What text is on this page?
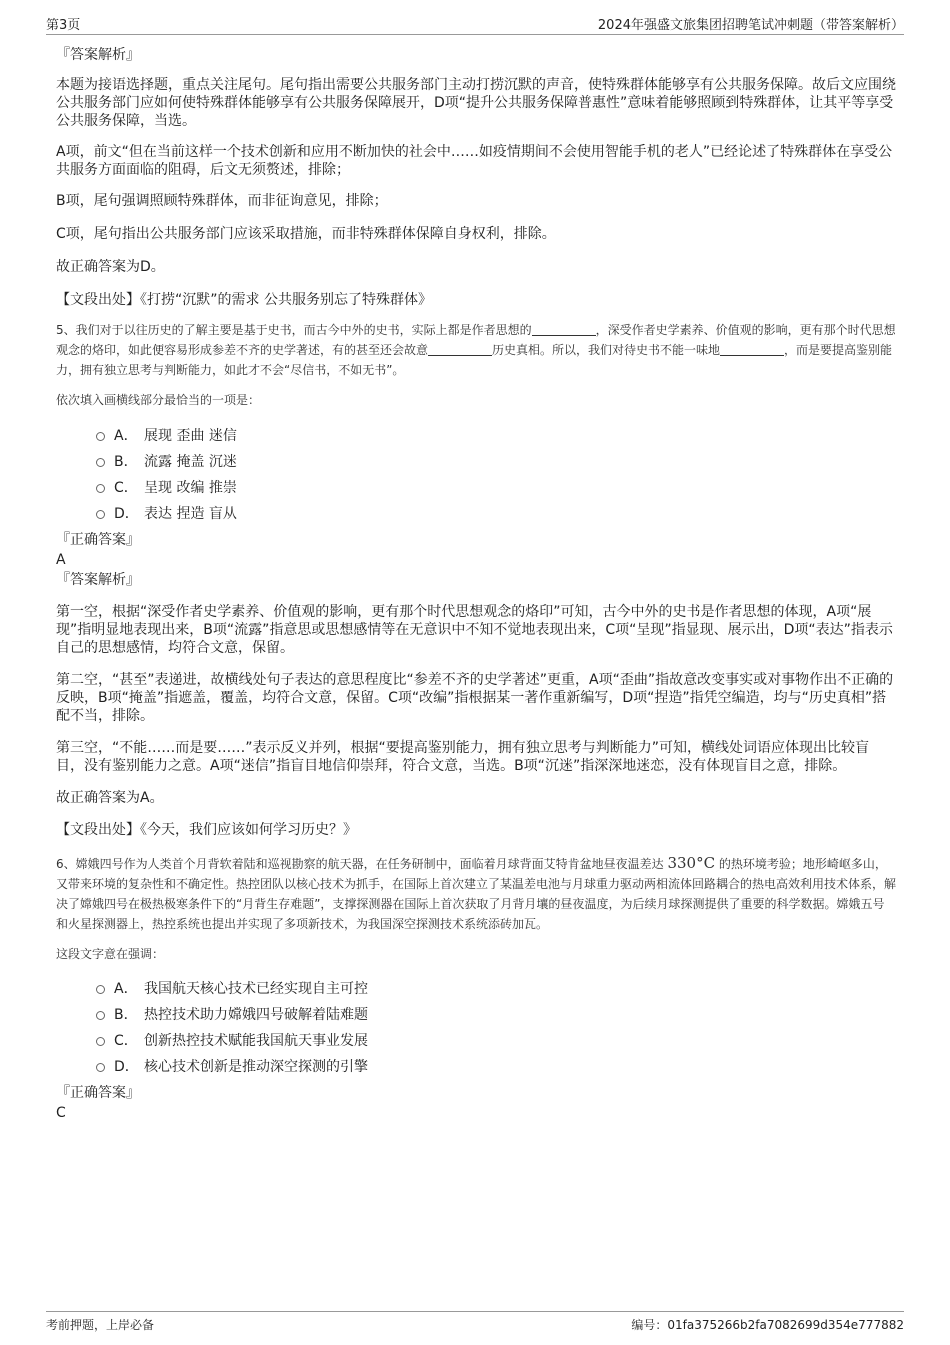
第3页	2024年强盛文旅集团招聘笔试冲刺题（带答案解析）
『答案解析』

本题为接语选择题，重点关注尾句。尾句指出需要公共服务部门主动打捞沉默的声音，使特殊群体能够享有公共服务保障。故后文应围绕公共服务部门应如何使特殊群体能够享有公共服务保障展开，D项“提升公共服务保障普惠性”意味着能够照顾到特殊群体，让其平等享受公共服务保障，当选。

A项，前文“但在当前这样一个技术创新和应用不断加快的社会中……如疫情期间不会使用智能手机的老人”已经论述了特殊群体在享受公共服务方面面临的阻碍，后文无须赘述，排除；

B项，尾句强调照顾特殊群体，而非征询意见，排除；

C项，尾句指出公共服务部门应该采取措施，而非特殊群体保障自身权利，排除。

故正确答案为D。

【文段出处】《打捞“沉默”的需求 公共服务别忘了特殊群体》

5、我们对于以往历史的了解主要是基于史书，而古今中外的史书，实际上都是作者思想的	，深受作者史学素养、价值观的影响，更有那个时代思想观念的烙印，如此便容易形成参差不齐的史学著述，有的甚至还会故意	历史真相。所以，我们对待史书不能一味地	，而是要提高鉴别能力，拥有独立思考与判断能力，如此才不会“尽信书，不如无书”。

依次填入画横线部分最恰当的一项是：

A． 展现 歪曲 迷信
B． 流露 掩盖 沉迷
C． 呈现 改编 推崇
D． 表达 捏造 盲从
『正确答案』
A
『答案解析』

第一空，根据“深受作者史学素养、价值观的影响，更有那个时代思想观念的烙印”可知，古今中外的史书是作者思想的体现，A项“展现”指明显地表现出来，B项“流露”指意思或思想感情等在无意识中不知不觉地表现出来，C项“呈现”指显现、展示出，D项“表达”指表示自己的思想感情，均符合文意，保留。

第二空，“甚至”表递进，故横线处句子表达的意思程度比“参差不齐的史学著述”更重，A项“歪曲”指故意改变事实或对事物作出不正确的反映，B项“掩盖”指遮盖，覆盖，均符合文意，保留。C项“改编”指根据某一著作重新编写，D项“捏造”指凭空编造，均与“历史真相”搭配不当，排除。

第三空，“不能……而是要……”表示反义并列，根据“要提高鉴别能力，拥有独立思考与判断能力”可知，横线处词语应体现出比较盲目，没有鉴别能力之意。A项“迷信”指盲目地信仰崇拜，符合文意，当选。B项“沉迷”指深深地迷恋，没有体现盲目之意，排除。

故正确答案为A。

【文段出处】《今天，我们应该如何学习历史？》

6、嫦娥四号作为人类首个月背软着陆和巡视勘察的航天器，在任务研制中，面临着月球背面艾特肯盆地昼夜温差达 330°C 的热环境考验；地形崎岖多山，又带来环境的复杂性和不确定性。热控团队以核心技术为抓手，在国际上首次建立了某温差电池与月球重力驱动两相流体回路耦合的热电高效利用技术体系，解决了嫦娥四号在极热极寒条件下的“月背生存难题”，支撑探测器在国际上首次获取了月背月壤的昼夜温度，为后续月球探测提供了重要的科学数据。嫦娥五号和火星探测器上，热控系统也提出并实现了多项新技术，为我国深空探测技术系统添砖加瓦。

这段文字意在强调：

A． 我国航天核心技术已经实现自主可控
B． 热控技术助力嫦娥四号破解着陆难题
C． 创新热控技术赋能我国航天事业发展
D． 核心技术创新是推动深空探测的引擎
『正确答案』
C
考前押题，上岸必备	编号：01fa375266b2fa7082699d354e777882
